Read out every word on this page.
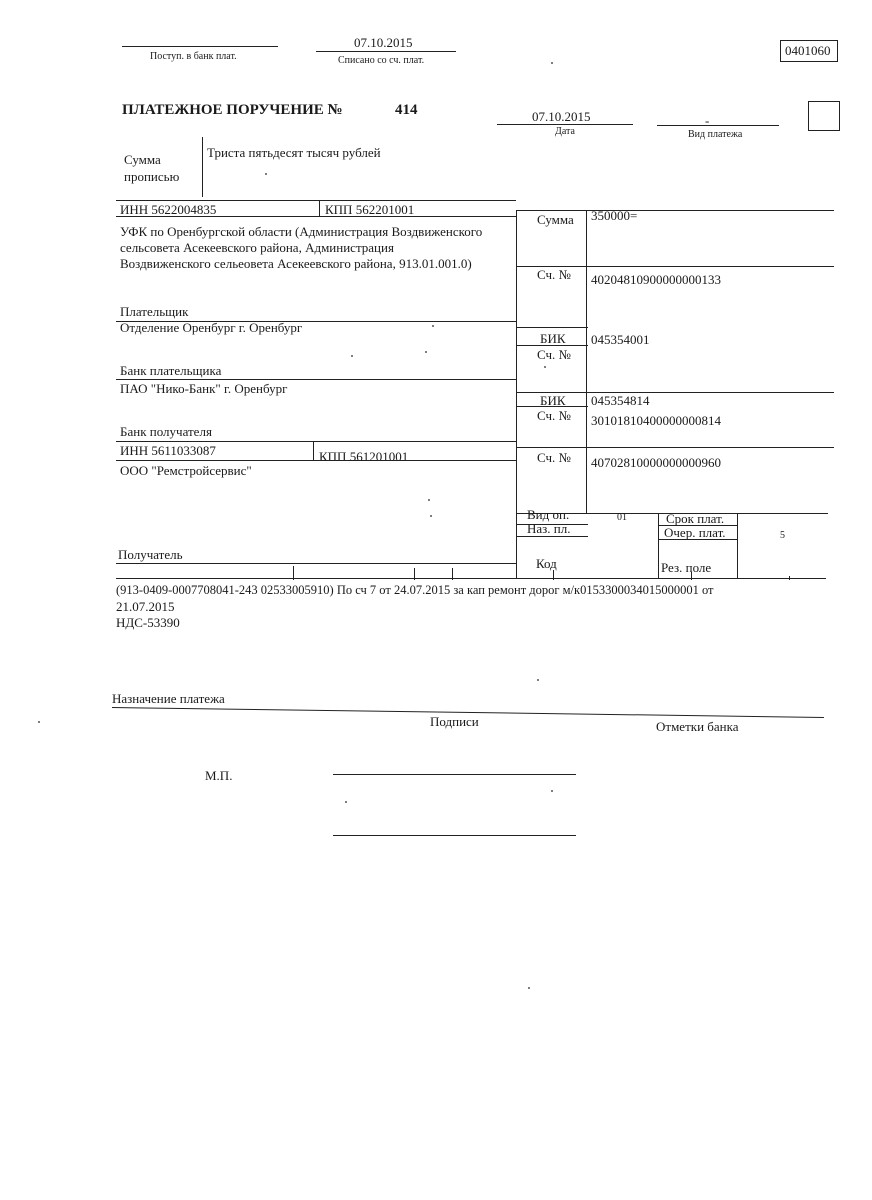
Поступ. в банк плат.
07.10.2015
Списано со сч. плат.
0401060
ПЛАТЕЖНОЕ ПОРУЧЕНИЕ №	414	07.10.2015
Дата
-
Вид платежа
Сумма
прописью
Триста пятьдесят тысяч рублей
ИНН 5622004835	КПП 562201001
УФК по Оренбургской области (Администрация Воздвиженского
сельсовета Асекеевского района, Администрация
Воздвиженского сельеовета Асекеевского района, 913.01.001.0)
Сумма 350000=
Сч. № 40204810900000000133
Плательщик
Отделение Оренбург г. Оренбург
БИК 045354001
Сч. №
Банк плательщика
ПАО "Нико-Банк" г. Оренбург
БИК 045354814
Сч. № 30101810400000000814
Банк получателя
ИНН 5611033087	КПП 561201001
ООО "Ремстройсервис"
Сч. № 40702810000000000960
Вид оп.	01
Наз. пл.
Срок плат.
Очер. плат.	5
Код	Рез. поле
Получатель
(913-0409-0007708041-243 02533005910) По сч 7 от 24.07.2015 за кап ремонт дорог м/к0153300034015000001 от
21.07.2015
НДС-53390
Назначение платежа
Подписи	Отметки банка
М.П.
